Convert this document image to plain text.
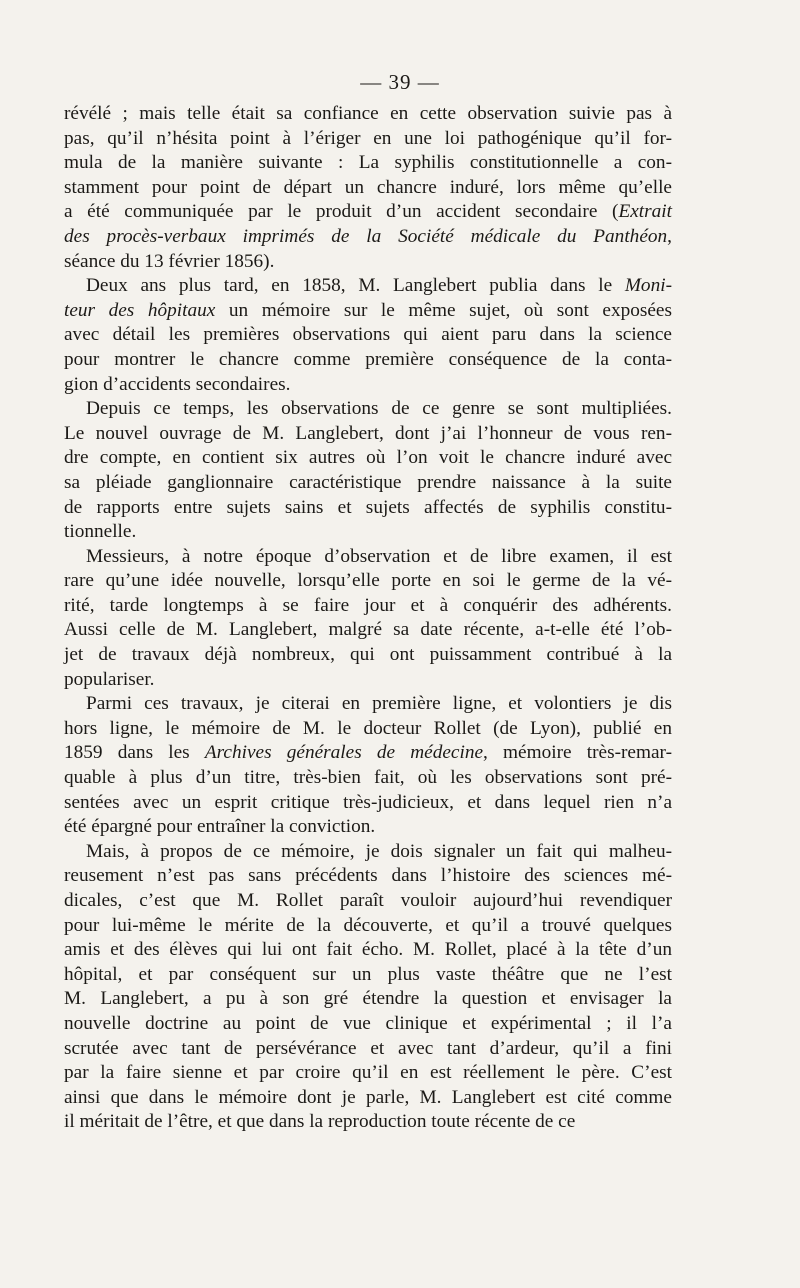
— 39 —
révélé ; mais telle était sa confiance en cette observation suivie pas à
pas, qu’il n’hésita point à l’ériger en une loi pathogénique qu’il for-
mula de la manière suivante : La syphilis constitutionnelle a con-
stamment pour point de départ un chancre induré, lors même qu’elle
a été communiquée par le produit d’un accident secondaire (Extrait
des procès-verbaux imprimés de la Société médicale du Panthéon,
séance du 13 février 1856).
Deux ans plus tard, en 1858, M. Langlebert publia dans le Moni-
teur des hôpitaux un mémoire sur le même sujet, où sont exposées
avec détail les premières observations qui aient paru dans la science
pour montrer le chancre comme première conséquence de la conta-
gion d’accidents secondaires.
Depuis ce temps, les observations de ce genre se sont multipliées.
Le nouvel ouvrage de M. Langlebert, dont j’ai l’honneur de vous ren-
dre compte, en contient six autres où l’on voit le chancre induré avec
sa pléiade ganglionnaire caractéristique prendre naissance à la suite
de rapports entre sujets sains et sujets affectés de syphilis constitu-
tionnelle.
Messieurs, à notre époque d’observation et de libre examen, il est
rare qu’une idée nouvelle, lorsqu’elle porte en soi le germe de la vé-
rité, tarde longtemps à se faire jour et à conquérir des adhérents.
Aussi celle de M. Langlebert, malgré sa date récente, a-t-elle été l’ob-
jet de travaux déjà nombreux, qui ont puissamment contribué à la
populariser.
Parmi ces travaux, je citerai en première ligne, et volontiers je dis
hors ligne, le mémoire de M. le docteur Rollet (de Lyon), publié en
1859 dans les Archives générales de médecine, mémoire très-remar-
quable à plus d’un titre, très-bien fait, où les observations sont pré-
sentées avec un esprit critique très-judicieux, et dans lequel rien n’a
été épargné pour entraîner la conviction.
Mais, à propos de ce mémoire, je dois signaler un fait qui malheu-
reusement n’est pas sans précédents dans l’histoire des sciences mé-
dicales, c’est que M. Rollet paraît vouloir aujourd’hui revendiquer
pour lui-même le mérite de la découverte, et qu’il a trouvé quelques
amis et des élèves qui lui ont fait écho. M. Rollet, placé à la tête d’un
hôpital, et par conséquent sur un plus vaste théâtre que ne l’est
M. Langlebert, a pu à son gré étendre la question et envisager la
nouvelle doctrine au point de vue clinique et expérimental ; il l’a
scrutée avec tant de persévérance et avec tant d’ardeur, qu’il a fini
par la faire sienne et par croire qu’il en est réellement le père. C’est
ainsi que dans le mémoire dont je parle, M. Langlebert est cité comme
il méritait de l’être, et que dans la reproduction toute récente de ce
